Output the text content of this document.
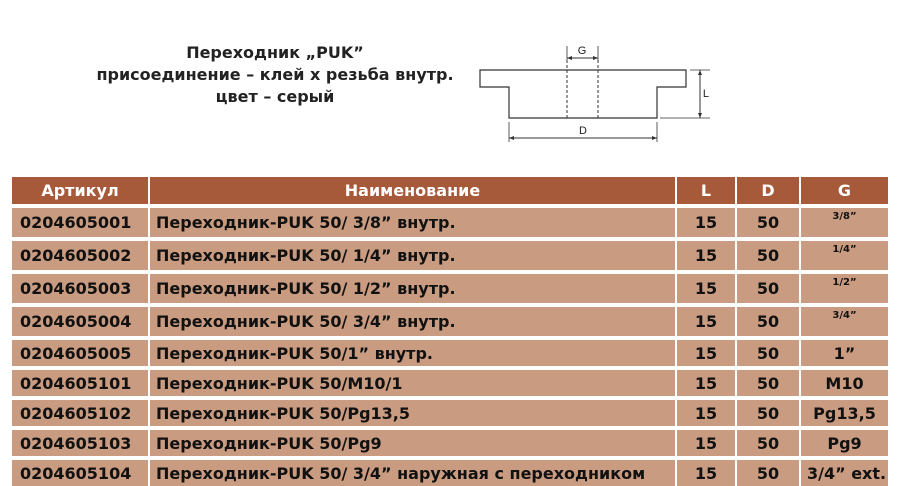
Переходник „PUK”
присоединение – клей х резьба внутр.
цвет – серый
G
L
D
Артикул	Наименование	L	D	G
0204605001	Переходник-PUK 50/ 3/8” внутр.	15	50	3/8”
0204605002	Переходник-PUK 50/ 1/4” внутр.	15	50	1/4”
0204605003	Переходник-PUK 50/ 1/2” внутр.	15	50	1/2”
0204605004	Переходник-PUK 50/ 3/4” внутр.	15	50	3/4”
0204605005	Переходник-PUK 50/1” внутр.	15	50	1”
0204605101	Переходник-PUK 50/M10/1	15	50	M10
0204605102	Переходник-PUK 50/Pg13,5	15	50	Pg13,5
0204605103	Переходник-PUK 50/Pg9	15	50	Pg9
0204605104	Переходник-PUK 50/ 3/4” наружная с переходником	15	50	3/4” ext.
